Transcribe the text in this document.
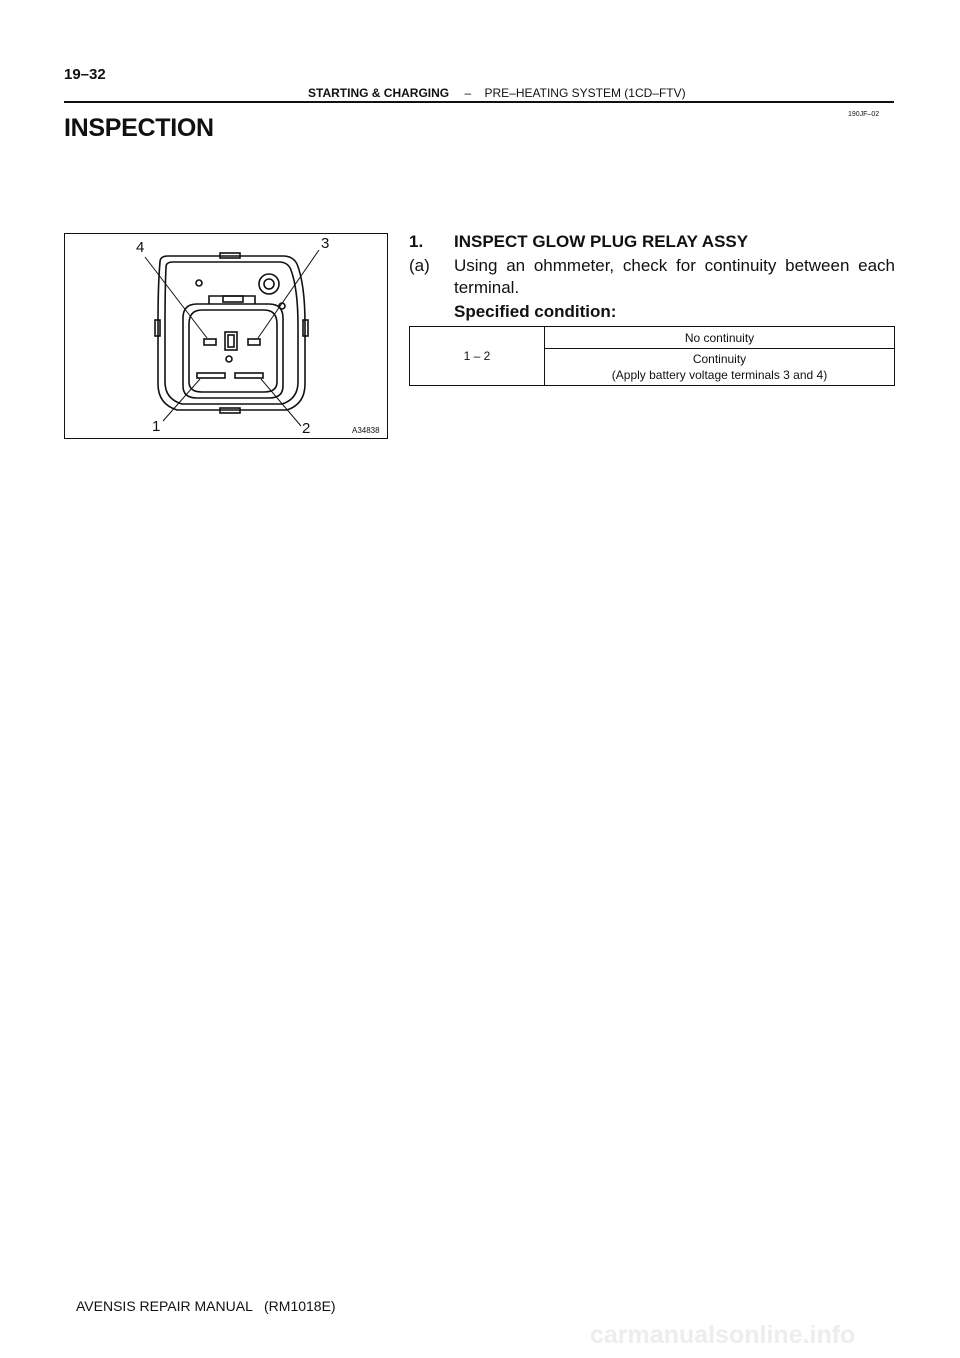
19–32
STARTING & CHARGING – PRE–HEATING SYSTEM (1CD–FTV)
190JF–02
INSPECTION
4	3
1	2	A34838
1. INSPECT GLOW PLUG RELAY ASSY
(a) Using an ohmmeter, check for continuity between each terminal.
Specified condition:
1 – 2	No continuity

Continuity
(Apply battery voltage terminals 3 and 4)
AVENSIS REPAIR MANUAL   (RM1018E)
carmanualsonline.info
